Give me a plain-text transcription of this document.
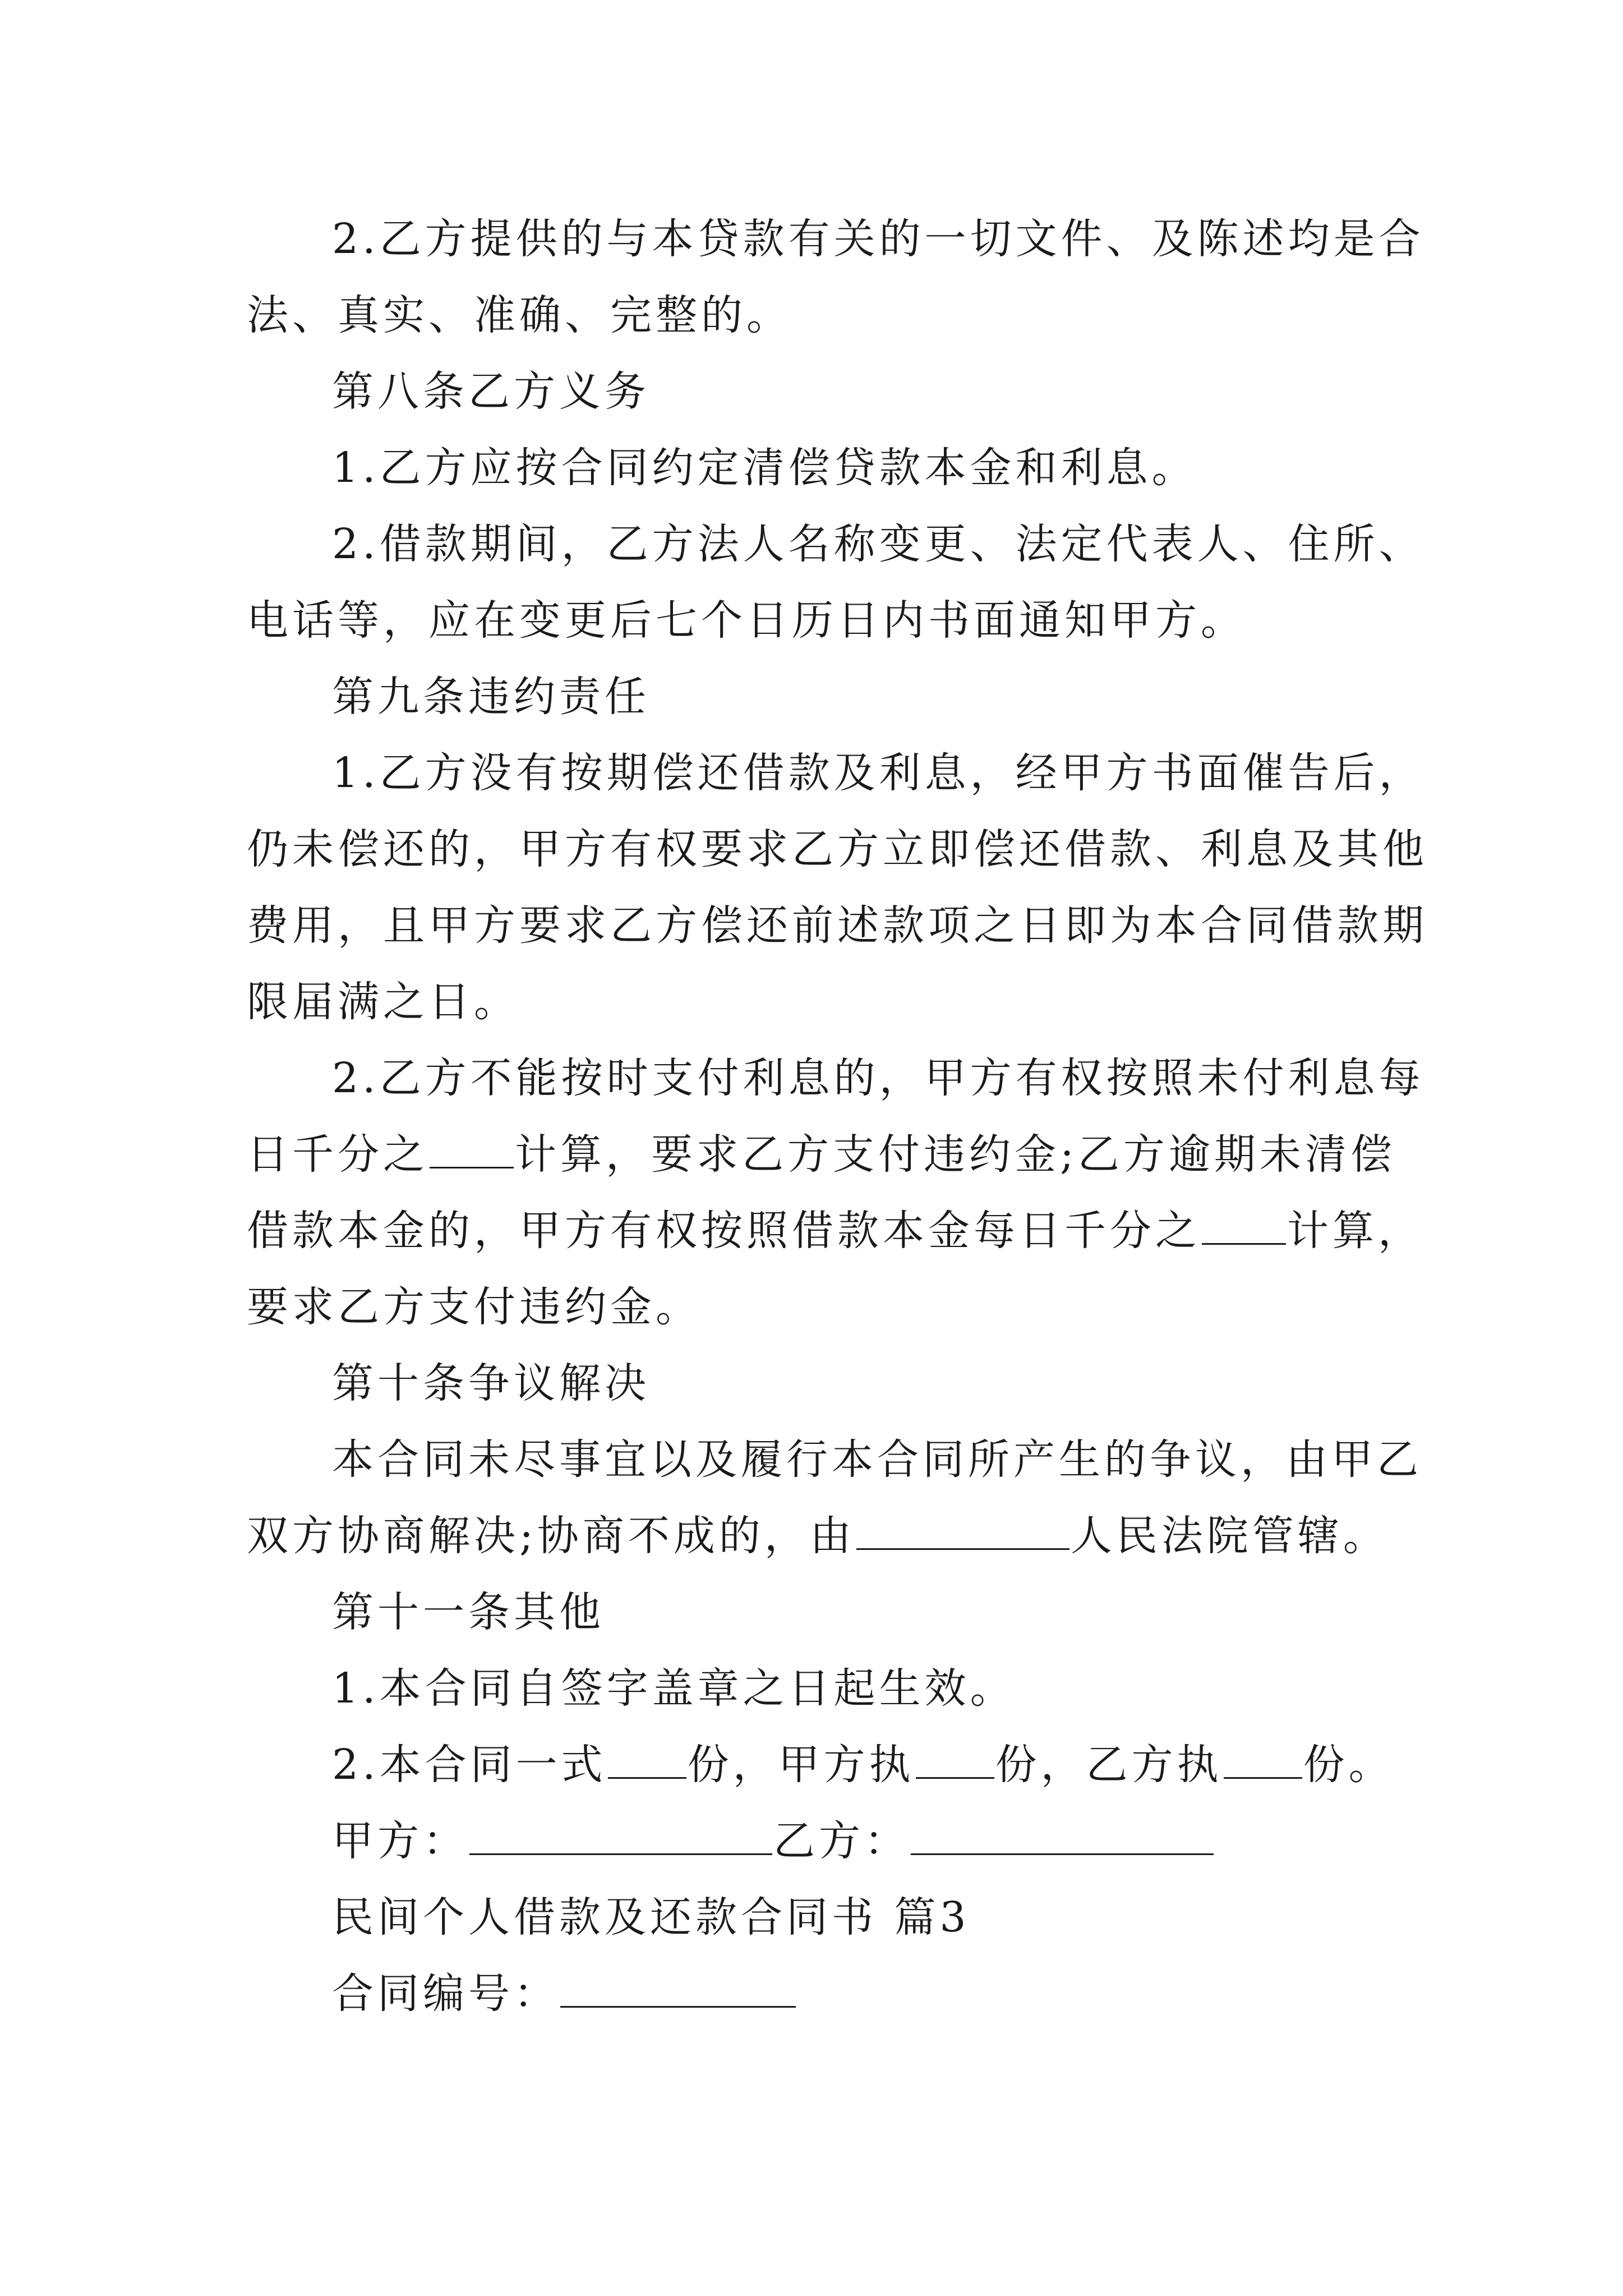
2.乙方提供的与本贷款有关的一切文件、及陈述均是合

法、真实、准确、完整的。

第八条乙方义务

1.乙方应按合同约定清偿贷款本金和利息。

2.借款期间，乙方法人名称变更、法定代表人、住所、

电话等，应在变更后七个日历日内书面通知甲方。

第九条违约责任

1.乙方没有按期偿还借款及利息，经甲方书面催告后，

仍未偿还的，甲方有权要求乙方立即偿还借款、利息及其他

费用，且甲方要求乙方偿还前述款项之日即为本合同借款期

限届满之日。

2.乙方不能按时支付利息的，甲方有权按照未付利息每

日千分之 计算，要求乙方支付违约金;乙方逾期未清偿

借款本金的，甲方有权按照借款本金每日千分之 计算，

要求乙方支付违约金。

第十条争议解决

本合同未尽事宜以及履行本合同所产生的争议，由甲乙

双方协商解决;协商不成的，由	人民法院管辖。

第十一条其他

1.本合同自签字盖章之日起生效。

2.本合同一式 份，甲方执 份，乙方执 份。

甲方：	乙方：

民间个人借款及还款合同书 篇3

合同编号：
